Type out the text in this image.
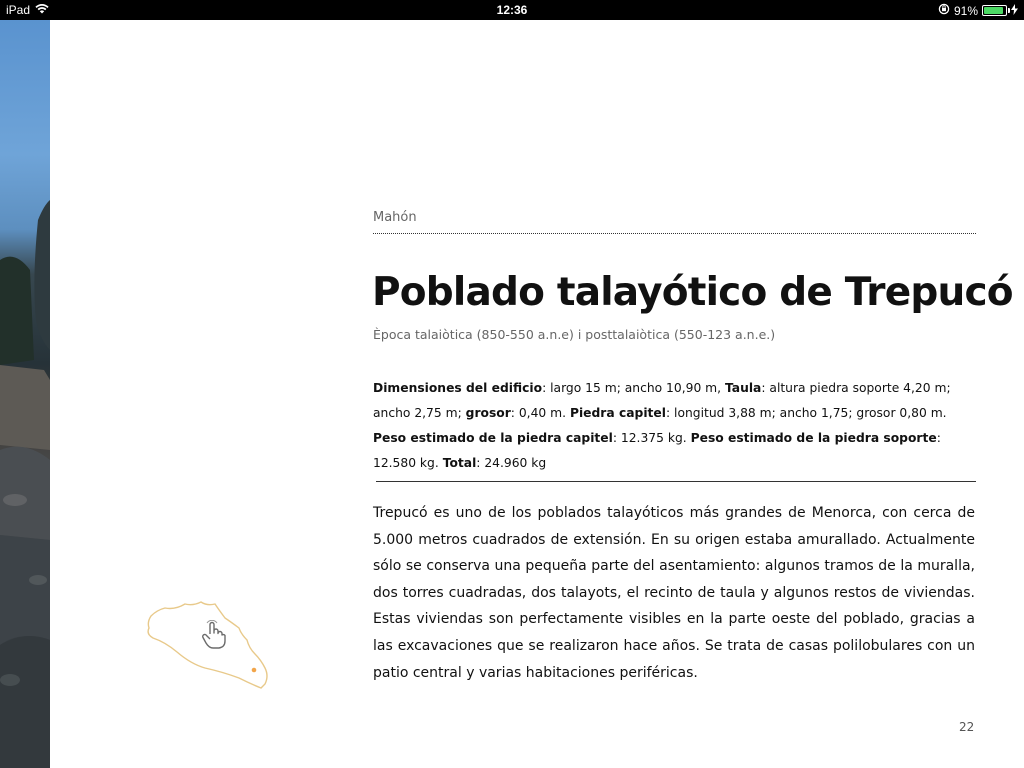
iPad	12:36	91%
Mahón
Poblado talayótico de Trepucó
Època talaiòtica (850-550 a.n.e) i posttalaiòtica (550-123 a.n.e.)
Dimensiones del edificio: largo 15 m; ancho 10,90 m, Taula: altura piedra soporte 4,20 m; ancho 2,75 m; grosor: 0,40 m. Piedra capitel: longitud 3,88 m; ancho 1,75; grosor 0,80 m. Peso estimado de la piedra capitel: 12.375 kg. Peso estimado de la piedra soporte: 12.580 kg. Total: 24.960 kg

Trepucó es uno de los poblados talayóticos más grandes de Menorca, con cerca de 5.000 metros cuadrados de extensión. En su origen estaba amurallado. Actualmente sólo se conserva una pequeña parte del asentamiento: algunos tramos de la muralla, dos torres cuadradas, dos talayots, el recinto de taula y algunos restos de viviendas. Estas viviendas son perfectamente visibles en la parte oeste del poblado, gracias a las excavaciones que se realizaron hace años. Se trata de casas polilobulares con un patio central y varias habitaciones periféricas.

22
